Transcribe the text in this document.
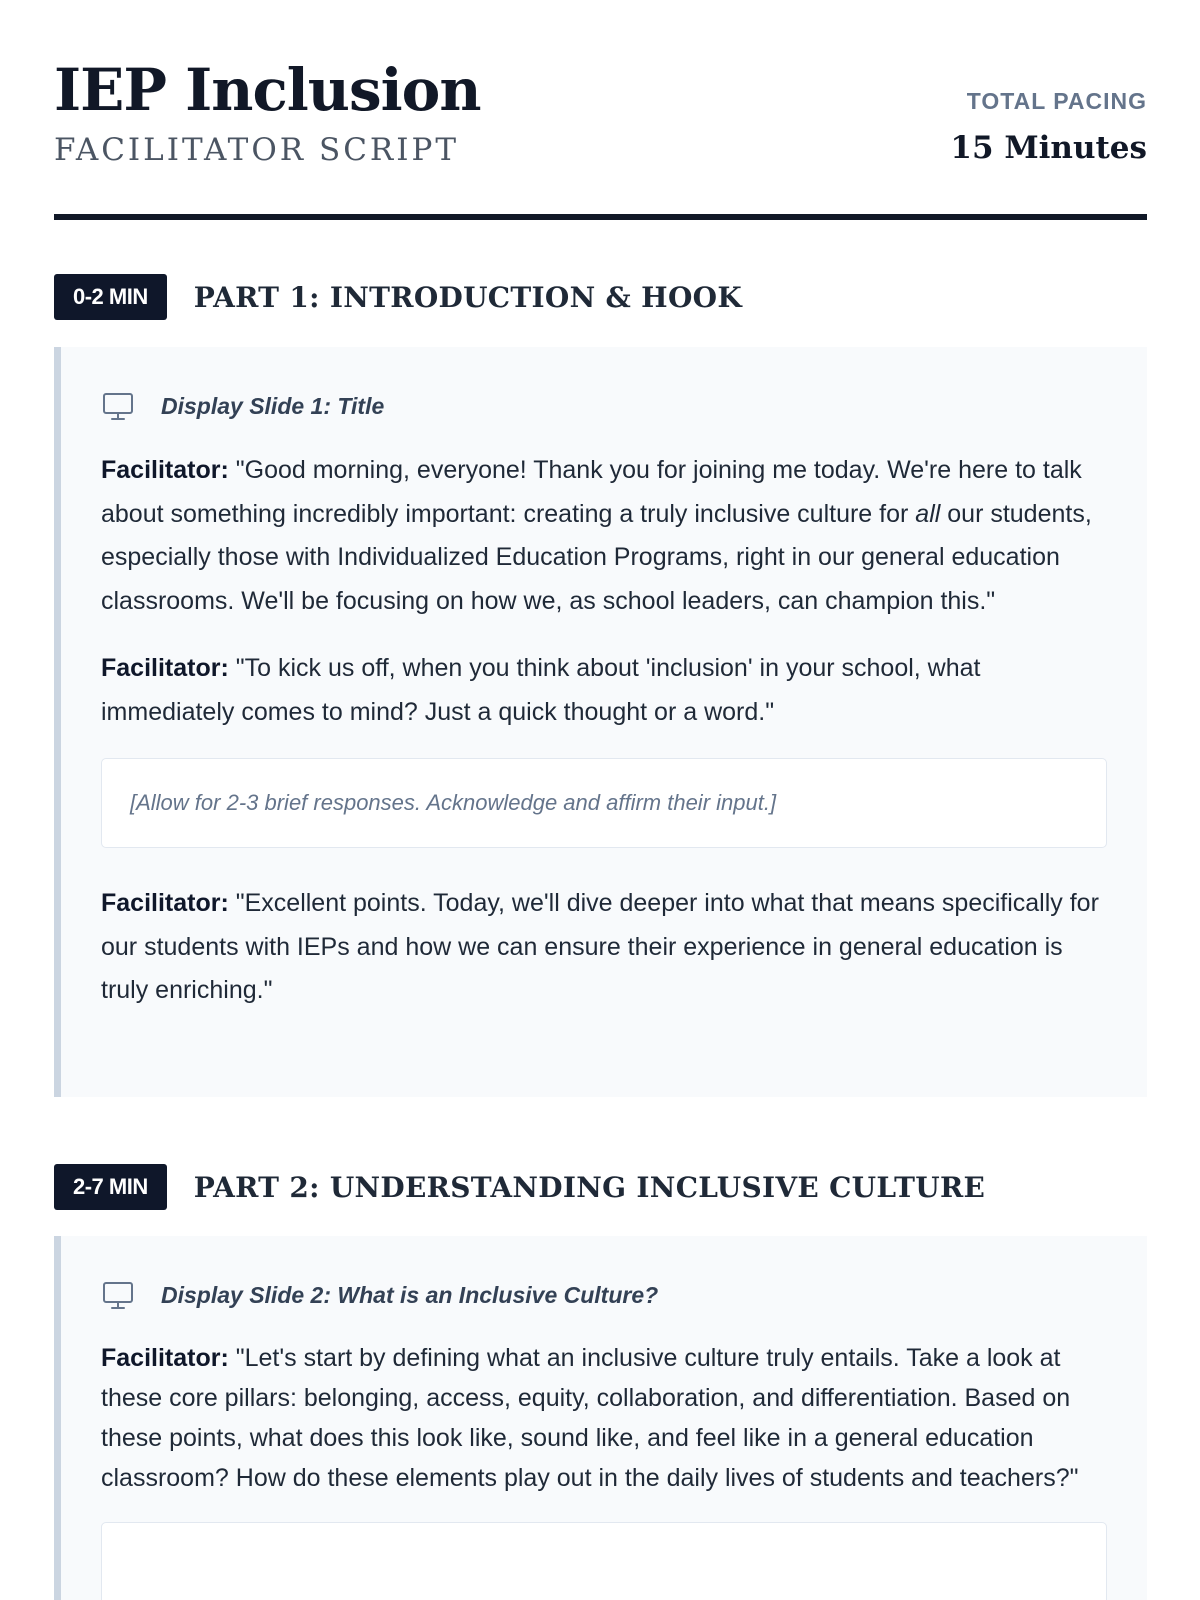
IEP Inclusion
FACILITATOR SCRIPT
TOTAL PACING
15 Minutes
0-2 MIN	PART 1: INTRODUCTION & HOOK
Display Slide 1: Title

Facilitator: "Good morning, everyone! Thank you for joining me today. We're here to talk about something incredibly important: creating a truly inclusive culture for all our students, especially those with Individualized Education Programs, right in our general education classrooms. We'll be focusing on how we, as school leaders, can champion this."

Facilitator: "To kick us off, when you think about 'inclusion' in your school, what immediately comes to mind? Just a quick thought or a word."

[Allow for 2-3 brief responses. Acknowledge and affirm their input.]

Facilitator: "Excellent points. Today, we'll dive deeper into what that means specifically for our students with IEPs and how we can ensure their experience in general education is truly enriching."

2-7 MIN	PART 2: UNDERSTANDING INCLUSIVE CULTURE
Display Slide 2: What is an Inclusive Culture?

Facilitator: "Let's start by defining what an inclusive culture truly entails. Take a look at these core pillars: belonging, access, equity, collaboration, and differentiation. Based on these points, what does this look like, sound like, and feel like in a general education classroom? How do these elements play out in the daily lives of students and teachers?"
